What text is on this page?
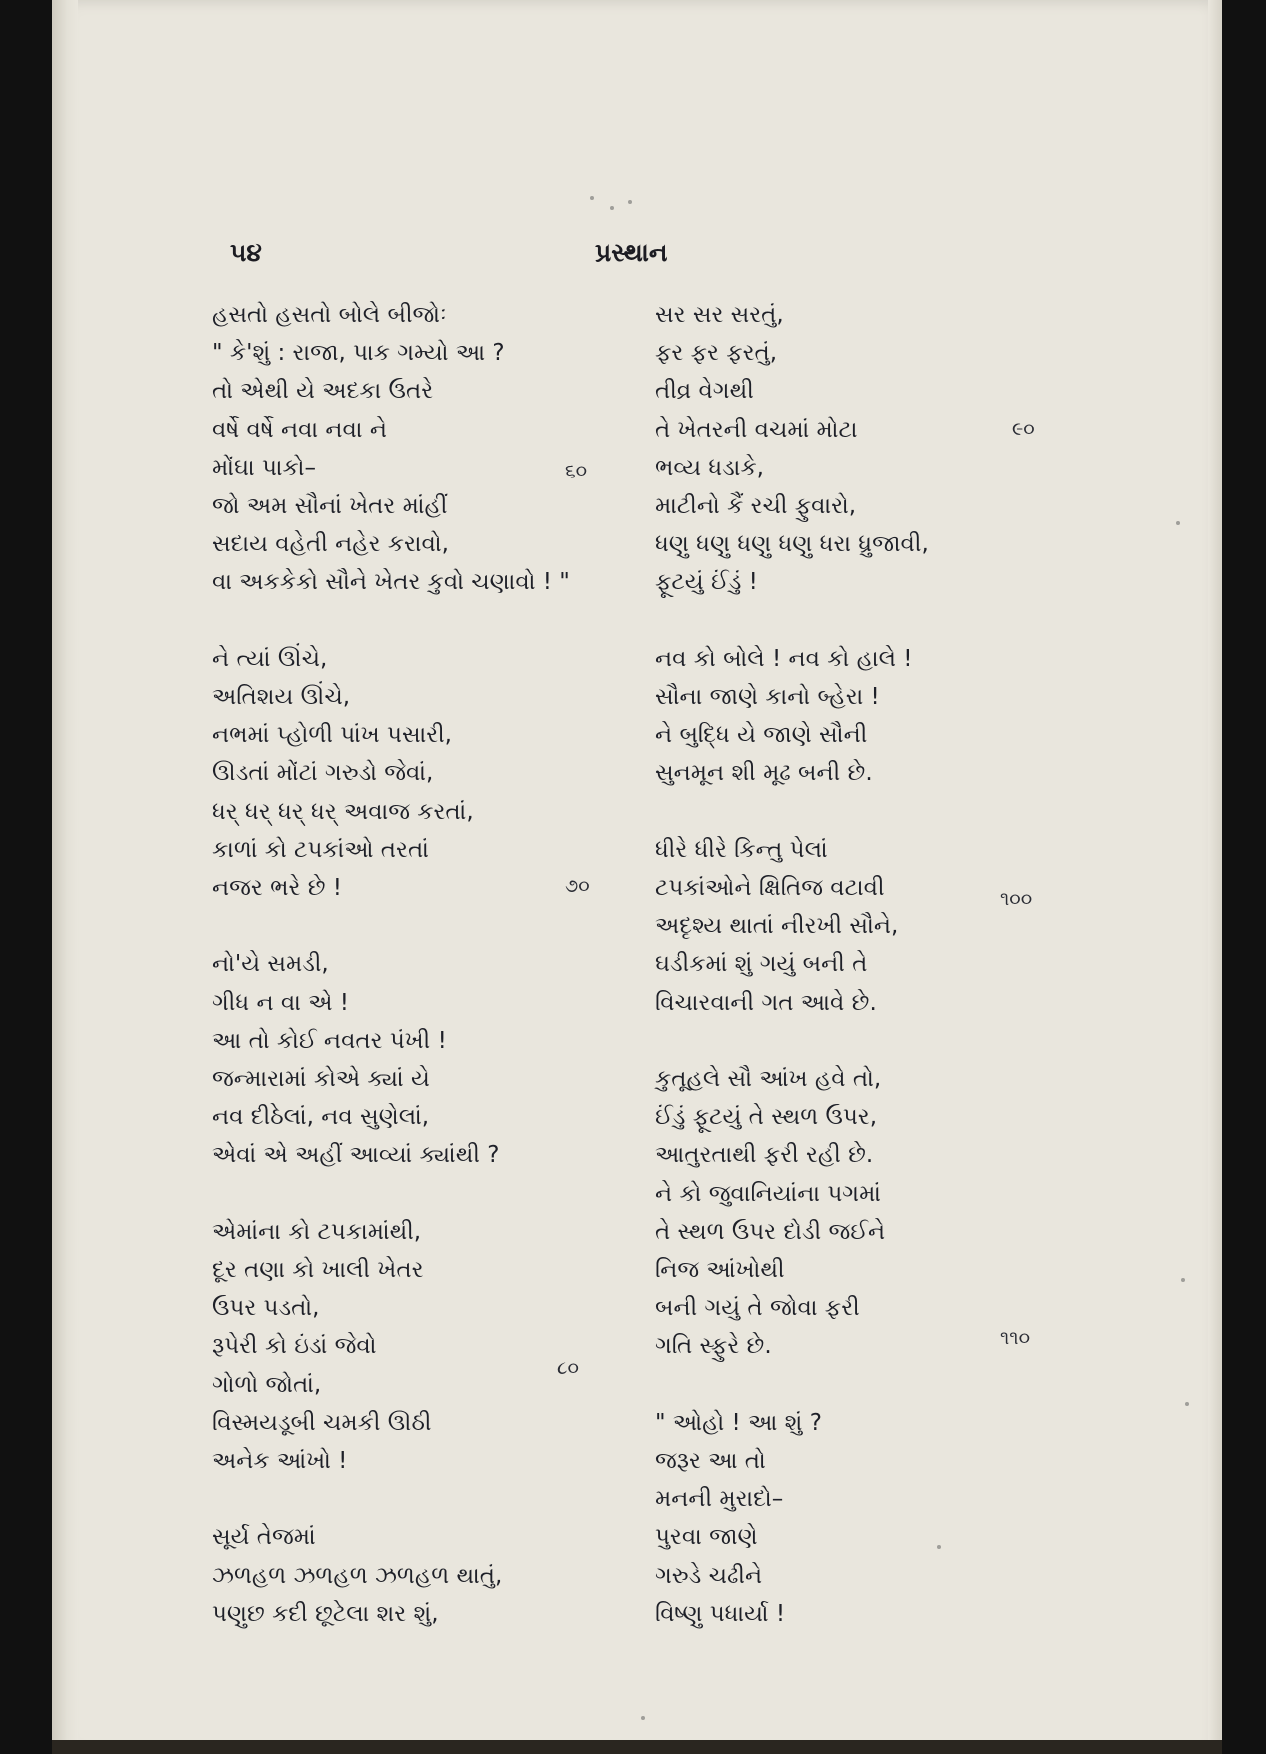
૫૪	પ્રસ્થાન
હસતો હસતો બોલે બીજોઃ
" કે'શું : રાજા, પાક ગમ્યો આ ?
તો એથી યે અદકા ઉતરે
વર્ષે વર્ષે નવા નવા ને
મોંઘા પાકો–
જો અમ સૌનાં ખેતર માંહીં
સદાય વહેતી નહેર કરાવો,
વા અકકેકો સૌને ખેતર કુવો ચણાવો ! "
ને ત્યાં ઊંચે,
અતિશય ઊંચે,
નભમાં પ્હોળી પાંખ પસારી,
ઊડતાં મોંટાં ગરુડો જેવાં,
ધર્ ધર્ ધર્ ધર્ અવાજ કરતાં,
કાળાં કો ટપકાંઓ તરતાં
નજર ભરે છે !
નો'યે સમડી,
ગીધ ન વા એ !
આ તો કોઈ નવતર પંખી !
જન્મારામાં કોએ ક્યાં યે
નવ દીઠેલાં, નવ સુણેલાં,
એવાં એ અહીં આવ્યાં ક્યાંથી ?
એમાંના કો ટપકામાંથી,
દૂર તણા કો ખાલી ખેતર
ઉપર પડતો,
રૂપેરી કો ઇંડાં જેવો
ગોળો જોતાં,
વિસ્મયડૂબી ચમકી ઊઠી
અનેક આંખો !
સૂર્ય તેજમાં
ઝળહળ ઝળહળ ઝળહળ થાતું,
પણુછ કદી છૂટેલા શર શું,
સર સર સરતું,
ફર ફર ફરતું,
તીવ્ર વેગથી
તે ખેતરની વચમાં મોટા
ભવ્ય ધડાકે,
માટીનો કૈં રચી ફુવારો,
ધણુ ધણુ ધણુ ધણુ ધરા ધ્રુજાવી,
ફૂટયું ઈંડું !
નવ કો બોલે ! નવ કો હાલે !
સૌના જાણે કાનો બ્હેરા !
ને બુદ્ધિ યે જાણે સૌની
સુનમૂન શી મૂઢ બની છે.
ધીરે ધીરે કિન્તુ પેલાં
ટપકાંઓને ક્ષિતિજ વટાવી
અદૃશ્ય થાતાં નીરખી સૌને,
ઘડીકમાં શું ગયું બની તે
વિચારવાની ગત આવે છે.
કુતૂહલે સૌ આંખ હવે તો,
ઈંડું ફૂટયું તે સ્થળ ઉપર,
આતુરતાથી ફરી રહી છે.
ને કો જુવાનિયાંના પગમાં
તે સ્થળ ઉપર દોડી જઈને
નિજ આંખોથી
બની ગયું તે જોવા ફરી
ગતિ સ્ફુરે છે.
" ઓહો ! આ શું ?
જરૂર આ તો
મનની મુરાદો–
પુરવા જાણે
ગરુડે ચઢીને
વિષ્ણુ પધાર્યા !
૬૦
૭૦
૮૦
૯૦
૧૦૦
૧૧૦
